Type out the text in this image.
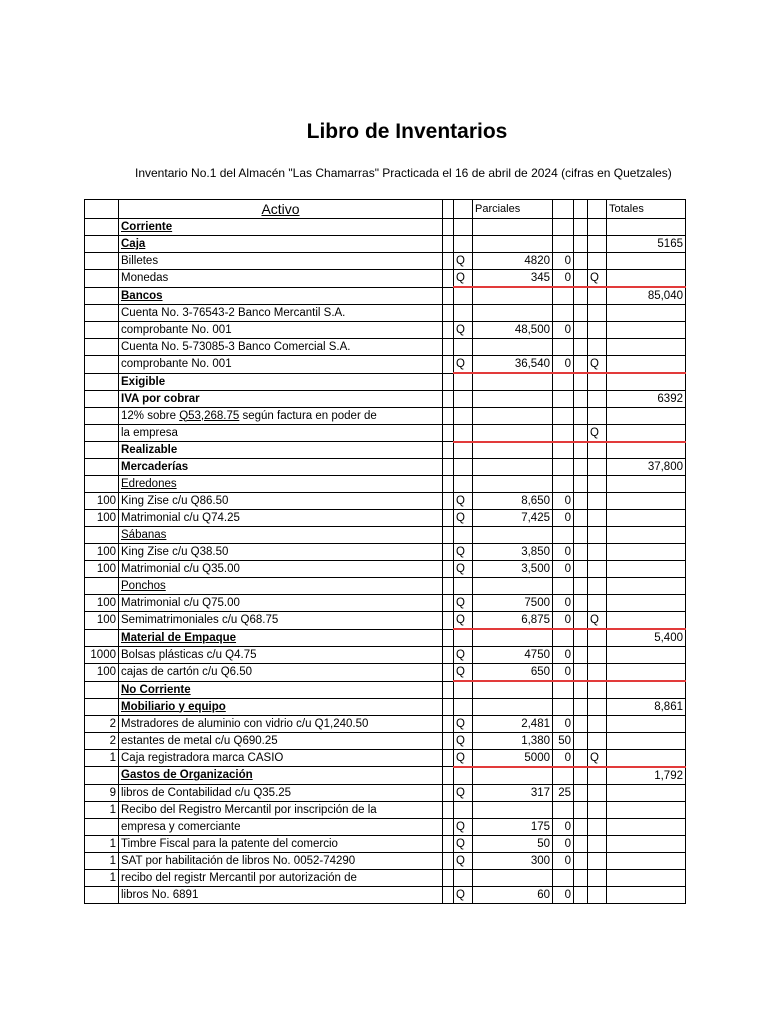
Libro de Inventarios
Inventario No.1 del Almacén "Las Chamarras" Practicada el 16 de abril de 2024 (cifras en Quetzales)
	Activo			Parciales				Totales
	Corriente							
	Caja							5165
	Billetes		Q	4820	0			
	Monedas		Q	345	0		Q	
	Bancos							85,040
	Cuenta No. 3-76543-2 Banco Mercantil S.A.							
	comprobante No. 001		Q	48,500	0			
	Cuenta No. 5-73085-3 Banco Comercial S.A.							
	comprobante No. 001		Q	36,540	0		Q	
	Exigible							
	IVA por cobrar							6392
	12% sobre Q53,268.75 según factura en poder de							
	la empresa						Q	
	Realizable							
	Mercaderías							37,800
	Edredones							
100	King Zise c/u Q86.50		Q	8,650	0			
100	Matrimonial c/u Q74.25		Q	7,425	0			
	Sábanas							
100	King Zise c/u Q38.50		Q	3,850	0			
100	Matrimonial c/u Q35.00		Q	3,500	0			
	Ponchos							
100	Matrimonial c/u Q75.00		Q	7500	0			
100	Semimatrimoniales c/u Q68.75		Q	6,875	0		Q	
	Material de Empaque							5,400
1000	Bolsas plásticas c/u Q4.75		Q	4750	0			
100	cajas de cartón c/u Q6.50		Q	650	0			
	No Corriente							
	Mobiliario y equipo							8,861
2	Mstradores de aluminio con vidrio c/u Q1,240.50		Q	2,481	0			
2	estantes de metal c/u Q690.25		Q	1,380	50			
1	Caja registradora marca CASIO		Q	5000	0		Q	
	Gastos de Organización							1,792
9	libros de Contabilidad c/u Q35.25		Q	317	25			
1	Recibo del Registro Mercantil por inscripción de la							
	empresa y comerciante		Q	175	0			
1	Timbre Fiscal para la patente del comercio		Q	50	0			
1	SAT por habilitación de libros No. 0052-74290		Q	300	0			
1	recibo del registr Mercantil por autorización de							
	libros No. 6891		Q	60	0			
